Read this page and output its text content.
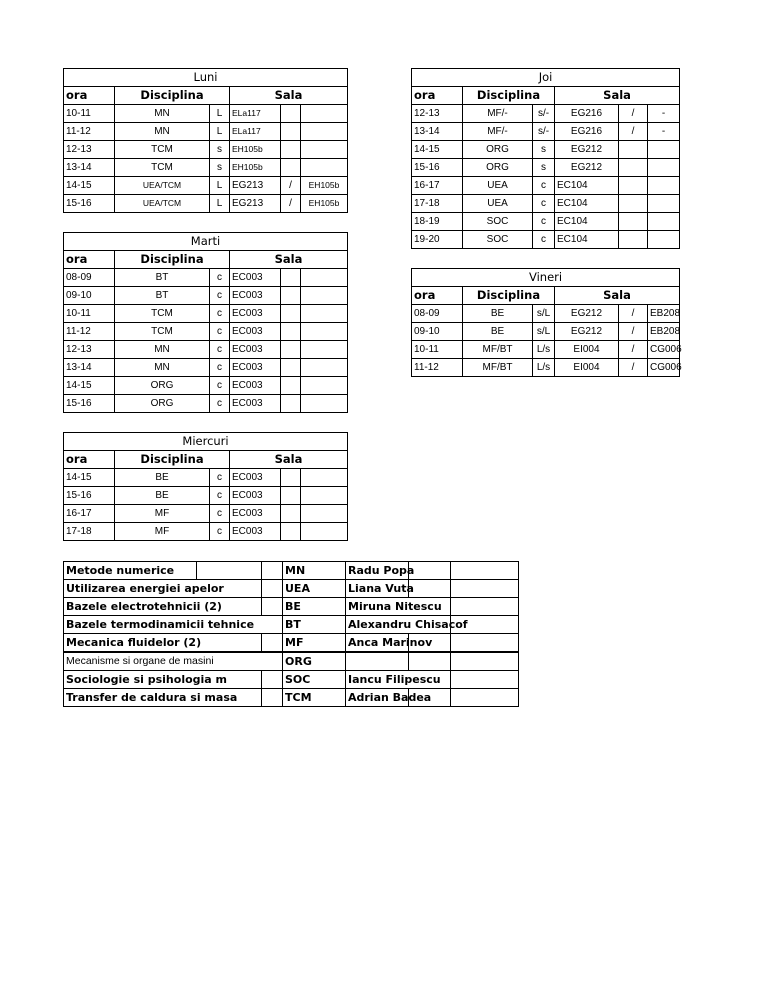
Luni					
ora	Disciplina		Sala		
10-11	MN	L	ELa117		
11-12	MN	L	ELa117		
12-13	TCM	s	EH105b		
13-14	TCM	s	EH105b		
14-15	UEA/TCM	L	EG213	/	EH105b
15-16	UEA/TCM	L	EG213	/	EH105b
Marti					
ora	Disciplina		Sala		
08-09	BT	c	EC003		
09-10	BT	c	EC003		
10-11	TCM	c	EC003		
11-12	TCM	c	EC003		
12-13	MN	c	EC003		
13-14	MN	c	EC003		
14-15	ORG	c	EC003		
15-16	ORG	c	EC003		
Miercuri					
ora	Disciplina		Sala		
14-15	BE	c	EC003		
15-16	BE	c	EC003		
16-17	MF	c	EC003		
17-18	MF	c	EC003		
Joi					
ora	Disciplina		Sala		
12-13	MF/-	s/-	EG216	/	-
13-14	MF/-	s/-	EG216	/	-
14-15	ORG	s	EG212		
15-16	ORG	s	EG212		
16-17	UEA	c	EC104		
17-18	UEA	c	EC104		
18-19	SOC	c	EC104		
19-20	SOC	c	EC104		
Vineri					
ora	Disciplina		Sala		
08-09	BE	s/L	EG212	/	EB208
09-10	BE	s/L	EG212	/	EB208
10-11	MF/BT	L/s	EI004	/	CG006
11-12	MF/BT	L/s	EI004	/	CG006
Metode numerice			MN	Radu Popa		
Utilizarea energiei apelor			UEA	Liana Vuta		
Bazele electrotehnicii (2)			BE	Miruna Nitescu		
Bazele termodinamicii tehnice			BT	Alexandru Chisacof		
Mecanica fluidelor (2)			MF	Anca Marinov		
Mecanisme si organe de masini			ORG			
Sociologie si psihologia m			SOC	Iancu Filipescu		
Transfer de caldura si masa			TCM	Adrian Badea		
